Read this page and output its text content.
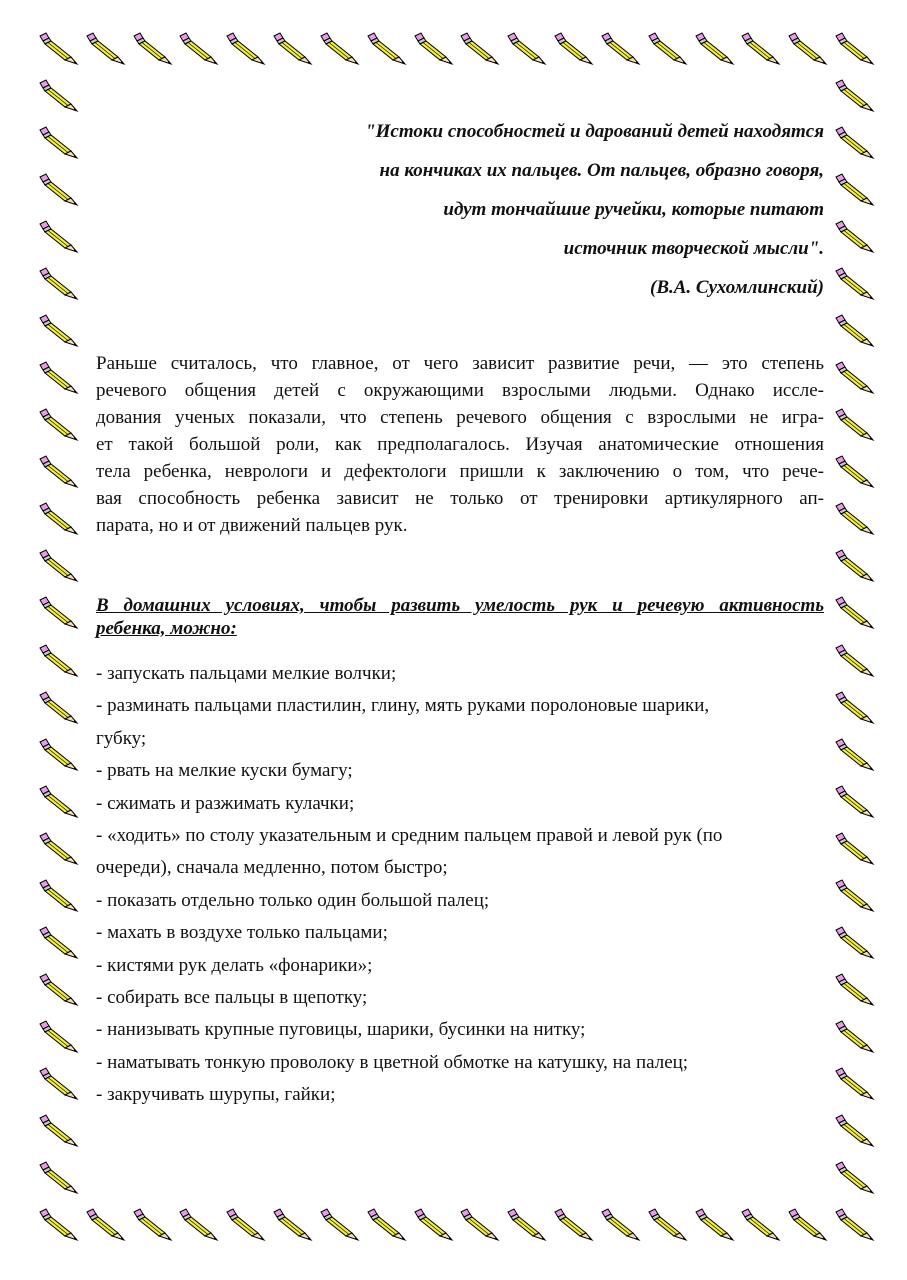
"Истоки способностей и дарований детей находятся
на кончиках их пальцев. От пальцев, образно говоря,
идут тончайшие ручейки, которые питают
источник творческой мысли".
(В.А. Сухомлинский)
Раньше считалось, что главное, от чего зависит развитие речи, — это степень
речевого общения детей с окружающими взрослыми людьми. Однако иссле-
дования ученых показали, что степень речевого общения с взрослыми не игра-
ет такой большой роли, как предполагалось. Изучая анатомические отношения
тела ребенка, неврологи и дефектологи пришли к заключению о том, что рече-
вая способность ребенка зависит не только от тренировки артикулярного ап-
парата, но и от движений пальцев рук.
В домашних условиях, чтобы развить умелость рук и речевую активность
ребенка, можно:
- запускать пальцами мелкие волчки;
- разминать пальцами пластилин, глину, мять руками поролоновые шарики,
губку;
- рвать на мелкие куски бумагу;
- сжимать и разжимать кулачки;
- «ходить» по столу указательным и средним пальцем правой и левой рук (по
очереди), сначала медленно, потом быстро;
- показать отдельно только один большой палец;
- махать в воздухе только пальцами;
- кистями рук делать «фонарики»;
- собирать все пальцы в щепотку;
- нанизывать крупные пуговицы, шарики, бусинки на нитку;
- наматывать тонкую проволоку в цветной обмотке на катушку, на палец;
- закручивать шурупы, гайки;
